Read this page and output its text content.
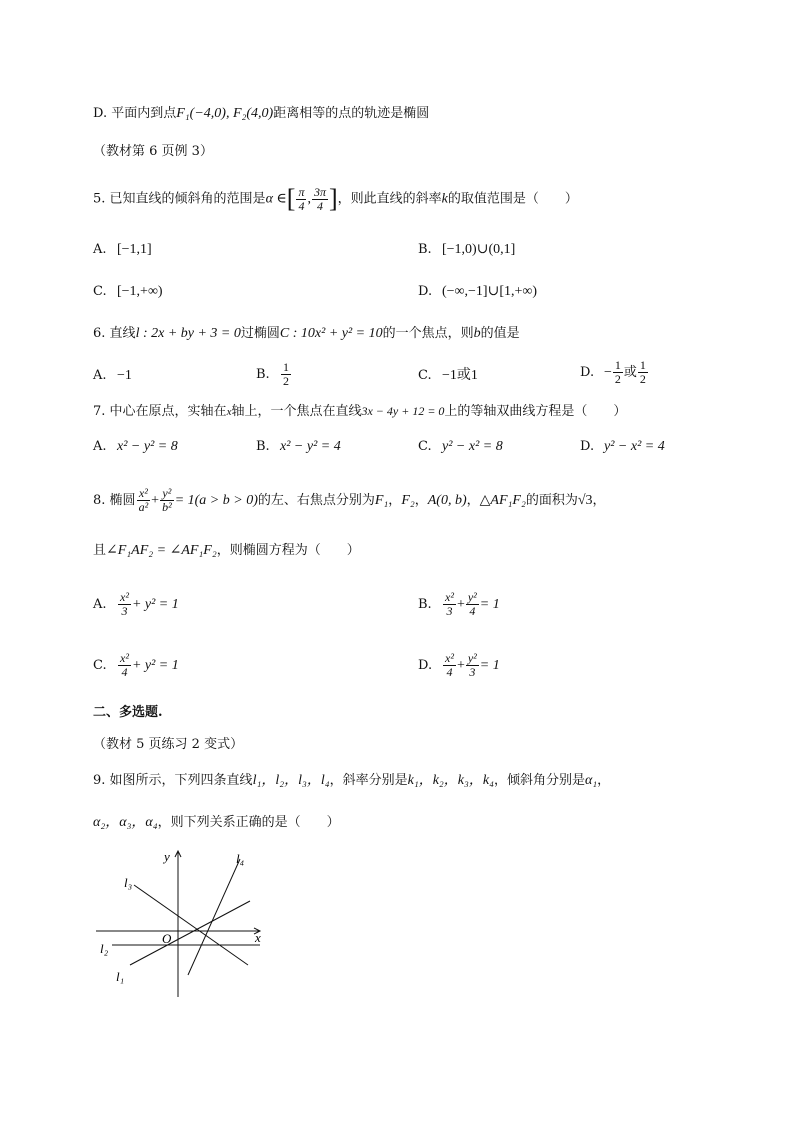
D. 平面内到点F₁(−4,0), F₂(4,0)距离相等的点的轨迹是椭圆
（教材第 6 页例 3）
5. 已知直线的倾斜角的范围是α ∈[ $\frac{\pi}{4}$ , $\frac{3\pi}{4}$ ]，则此直线的斜率k的取值范围是（　　）
A. [−1,1]	B. [−1,0)∪(0,1]
C. [−1,+∞)	D. (−∞,−1]∪[1,+∞)
6. 直线l : 2x + by + 3 = 0过椭圆C : 10x² + y² = 10的一个焦点，则b的值是
A. −1	B. $\frac{1}{2}$	C. −1或1	D. − $\frac{1}{2}$ 或 $\frac{1}{2}$
7. 中心在原点，实轴在x轴上，一个焦点在直线3x − 4y + 12 = 0上的等轴双曲线方程是（　　）
A. x² − y² = 8	B. x² − y² = 4	C. y² − x² = 8	D. y² − x² = 4
8. 椭圆 $\frac{\text{x²}}{\text{a²}} + \frac{\text{y²}}{\text{b²}} = 1(a > b > 0)$的左、右焦点分别为F₁，F₂，A(0, b)，△AF₁F₂的面积为√3，
且∠F₁AF₂ = ∠AF₁F₂，则椭圆方程为（　　）
A. $\frac{\text{x²}}{3} + y^2 = 1$	B. $\frac{\text{x²}}{3} + \frac{\text{y²}}{4} = 1$
C. $\frac{\text{x²}}{4} + y^2 = 1$	D. $\frac{\text{x²}}{4} + \frac{\text{y²}}{3} = 1$
二、多选题.
（教材 5 页练习 2 变式）
9. 如图所示，下列四条直线l₁，l₂，l₃，l₄，斜率分别是k₁，k₂，k₃，k₄，倾斜角分别是α₁，
α₂，α₃，α₄，则下列关系正确的是（　　）
y
x
O
l₁
l₂
l₃
l₄
